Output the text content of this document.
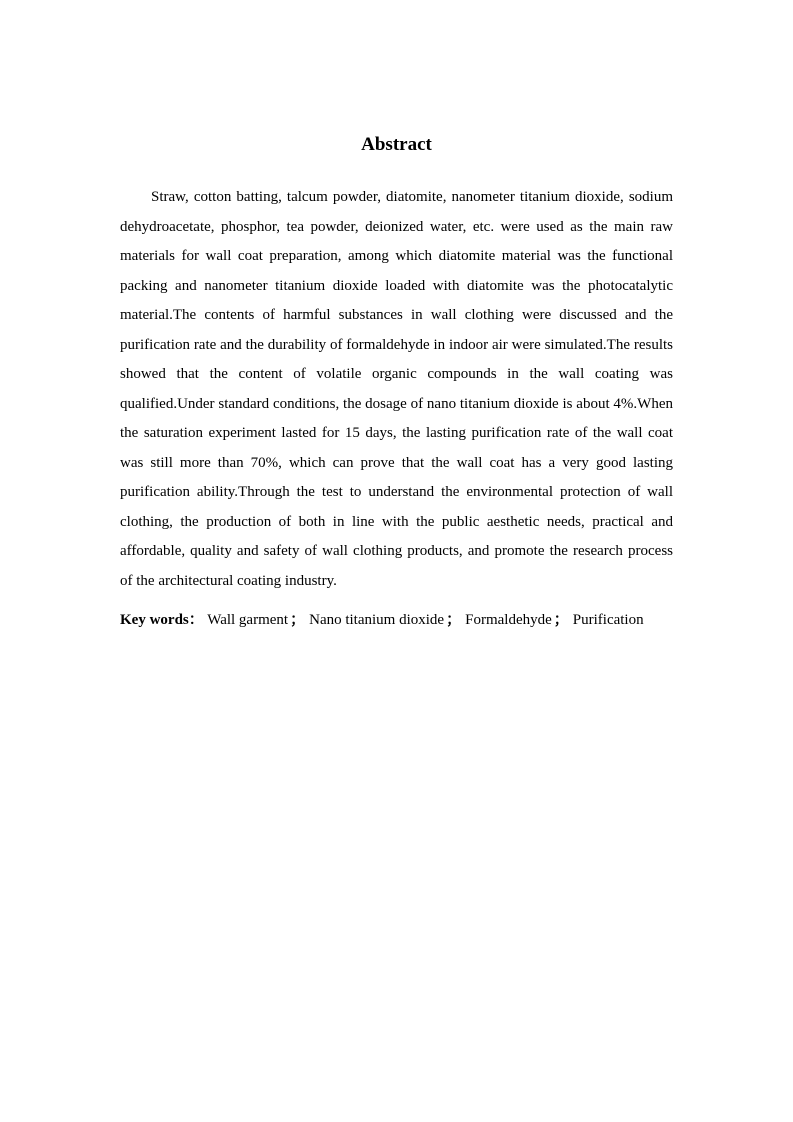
Abstract

Straw, cotton batting, talcum powder, diatomite, nanometer titanium dioxide, sodium dehydroacetate, phosphor, tea powder, deionized water, etc. were used as the main raw materials for wall coat preparation, among which diatomite material was the functional packing and nanometer titanium dioxide loaded with diatomite was the photocatalytic material.The contents of harmful substances in wall clothing were discussed and the purification rate and the durability of formaldehyde in indoor air were simulated.The results showed that the content of volatile organic compounds in the wall coating was qualified.Under standard conditions, the dosage of nano titanium dioxide is about 4%.When the saturation experiment lasted for 15 days, the lasting purification rate of the wall coat was still more than 70%, which can prove that the wall coat has a very good lasting purification ability.Through the test to understand the environmental protection of wall clothing, the production of both in line with the public aesthetic needs, practical and affordable, quality and safety of wall clothing products, and promote the research process of the architectural coating industry.

Key words： Wall garment ； Nano titanium dioxide ； Formaldehyde ； Purification
